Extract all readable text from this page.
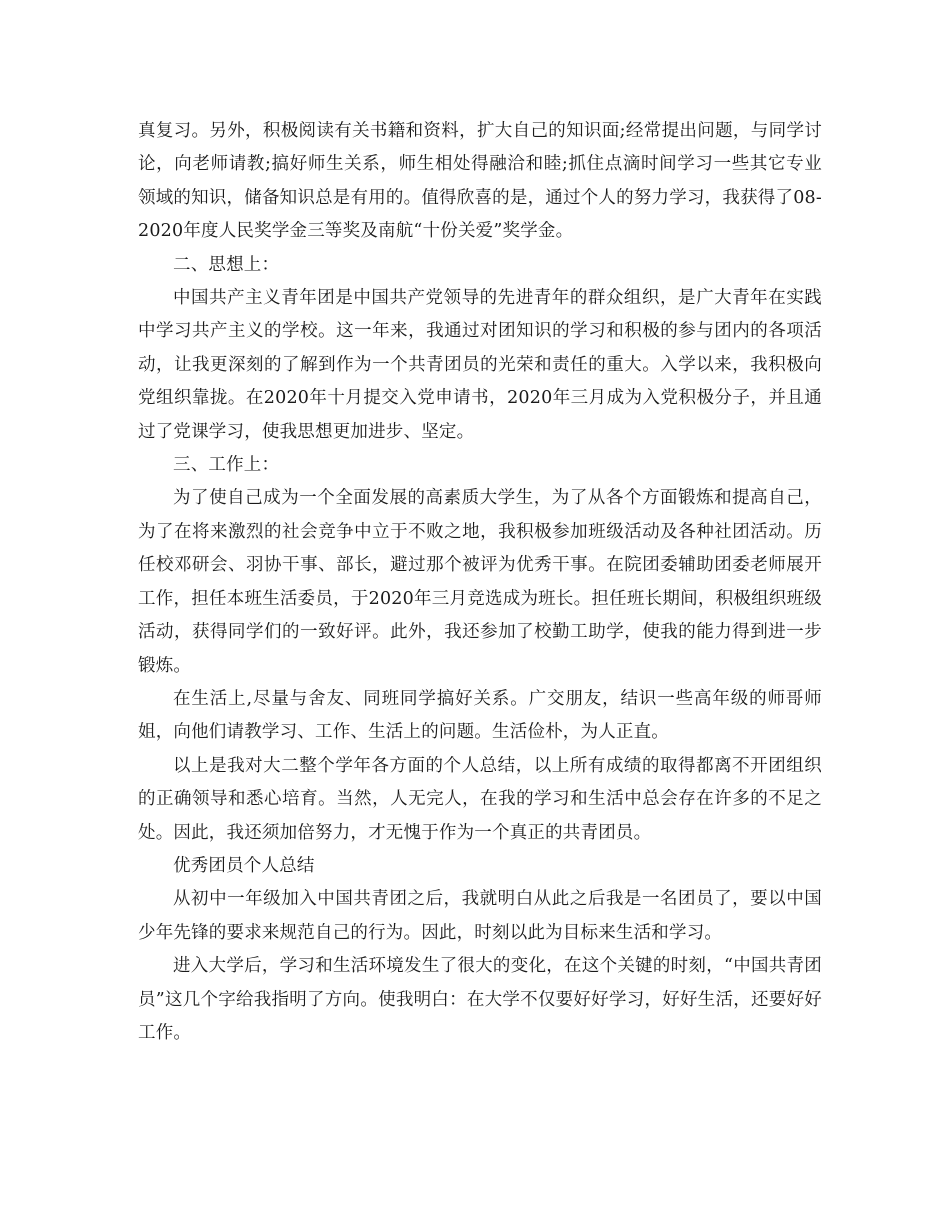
真复习。另外，积极阅读有关书籍和资料，扩大自己的知识面;经常提出问题，与同学讨论，向老师请教;搞好师生关系，师生相处得融洽和睦;抓住点滴时间学习一些其它专业领域的知识，储备知识总是有用的。值得欣喜的是，通过个人的努力学习，我获得了08-2020年度人民奖学金三等奖及南航“十份关爱”奖学金。

二、思想上：

中国共产主义青年团是中国共产党领导的先进青年的群众组织，是广大青年在实践中学习共产主义的学校。这一年来，我通过对团知识的学习和积极的参与团内的各项活动，让我更深刻的了解到作为一个共青团员的光荣和责任的重大。入学以来，我积极向党组织靠拢。在2020年十月提交入党申请书，2020年三月成为入党积极分子，并且通过了党课学习，使我思想更加进步、坚定。

三、工作上：

为了使自己成为一个全面发展的高素质大学生，为了从各个方面锻炼和提高自己，为了在将来激烈的社会竞争中立于不败之地，我积极参加班级活动及各种社团活动。历任校邓研会、羽协干事、部长，避过那个被评为优秀干事。在院团委辅助团委老师展开工作，担任本班生活委员，于2020年三月竞选成为班长。担任班长期间，积极组织班级活动，获得同学们的一致好评。此外，我还参加了校勤工助学，使我的能力得到进一步锻炼。

在生活上,尽量与舍友、同班同学搞好关系。广交朋友，结识一些高年级的师哥师姐，向他们请教学习、工作、生活上的问题。生活俭朴，为人正直。

以上是我对大二整个学年各方面的个人总结，以上所有成绩的取得都离不开团组织的正确领导和悉心培育。当然，人无完人，在我的学习和生活中总会存在许多的不足之处。因此，我还须加倍努力，才无愧于作为一个真正的共青团员。

优秀团员个人总结

从初中一年级加入中国共青团之后，我就明白从此之后我是一名团员了，要以中国少年先锋的要求来规范自己的行为。因此，时刻以此为目标来生活和学习。

进入大学后，学习和生活环境发生了很大的变化，在这个关键的时刻，“中国共青团员”这几个字给我指明了方向。使我明白：在大学不仅要好好学习，好好生活，还要好好工作。
